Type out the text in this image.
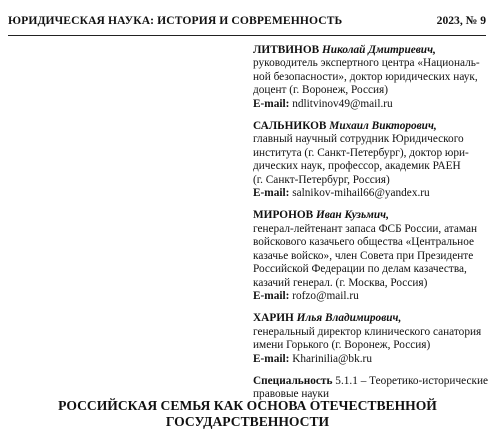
ЮРИДИЧЕСКАЯ НАУКА: ИСТОРИЯ И СОВРЕМЕННОСТЬ	2023, № 9
ЛИТВИНОВ Николай Дмитриевич,
руководитель экспертного центра «Националь-
ной безопасности», доктор юридических наук,
доцент (г. Воронеж, Россия)
E-mail: ndlitvinov49@mail.ru
САЛЬНИКОВ Михаил Викторович,
главный научный сотрудник Юридического
института (г. Санкт-Петербург), доктор юри-
дических наук, профессор, академик РАЕН
(г. Санкт-Петербург, Россия)
E-mail: salnikov-mihail66@yandex.ru
МИРОНОВ Иван Кузьмич,
генерал-лейтенант запаса ФСБ России, атаман
войскового казачьего общества «Центральное
казачье войско», член Совета при Президенте
Российской Федерации по делам казачества,
казачий генерал. (г. Москва, Россия)
E-mail: rofzo@mail.ru
ХАРИН Илья Владимирович,
генеральный директор клинического санатория
имени Горького (г. Воронеж, Россия)
E-mail: Kharinilia@bk.ru
Специальность 5.1.1 – Теоретико-исторические
правовые науки
РОССИЙСКАЯ СЕМЬЯ КАК ОСНОВА ОТЕЧЕСТВЕННОЙ
ГОСУДАРСТВЕННОСТИ
